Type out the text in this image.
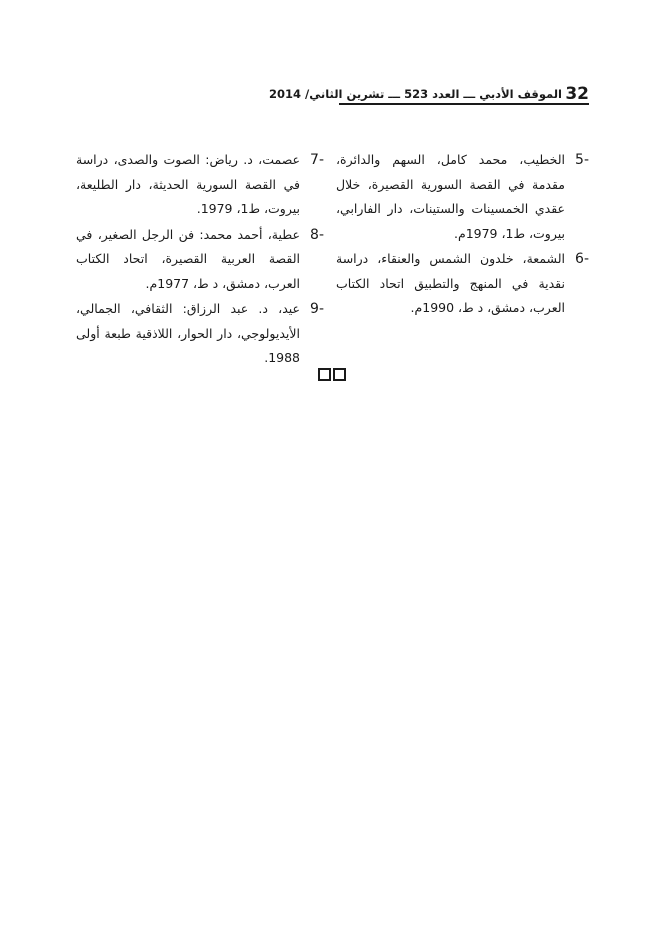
32
الموقف الأدبي ـــ العدد 523 ـــ تشرين الثاني/ 2014
5-
الخطيب، محمد كامل، السهم والدائرة، مقدمة في القصة السورية القصيرة، خلال عقدي الخمسينات والستينات، دار الفارابي، بيروت، ط1، 1979م.
6-
الشمعة، خلدون الشمس والعنقاء، دراسة نقدية في المنهج والتطبيق اتحاد الكتاب العرب، دمشق، د ط، 1990م.
7-
عصمت، د. رياض: الصوت والصدى، دراسة في القصة السورية الحديثة، دار الطليعة، بيروت، ط1، 1979.
8-
عطية، أحمد محمد: فن الرجل الصغير، في القصة العربية القصيرة، اتحاد الكتاب العرب، دمشق، د ط، 1977م.
9-
عيد، د. عبد الرزاق: الثقافي، الجمالي، الأيديولوجي، دار الحوار، اللاذقية طبعة أولى 1988.
